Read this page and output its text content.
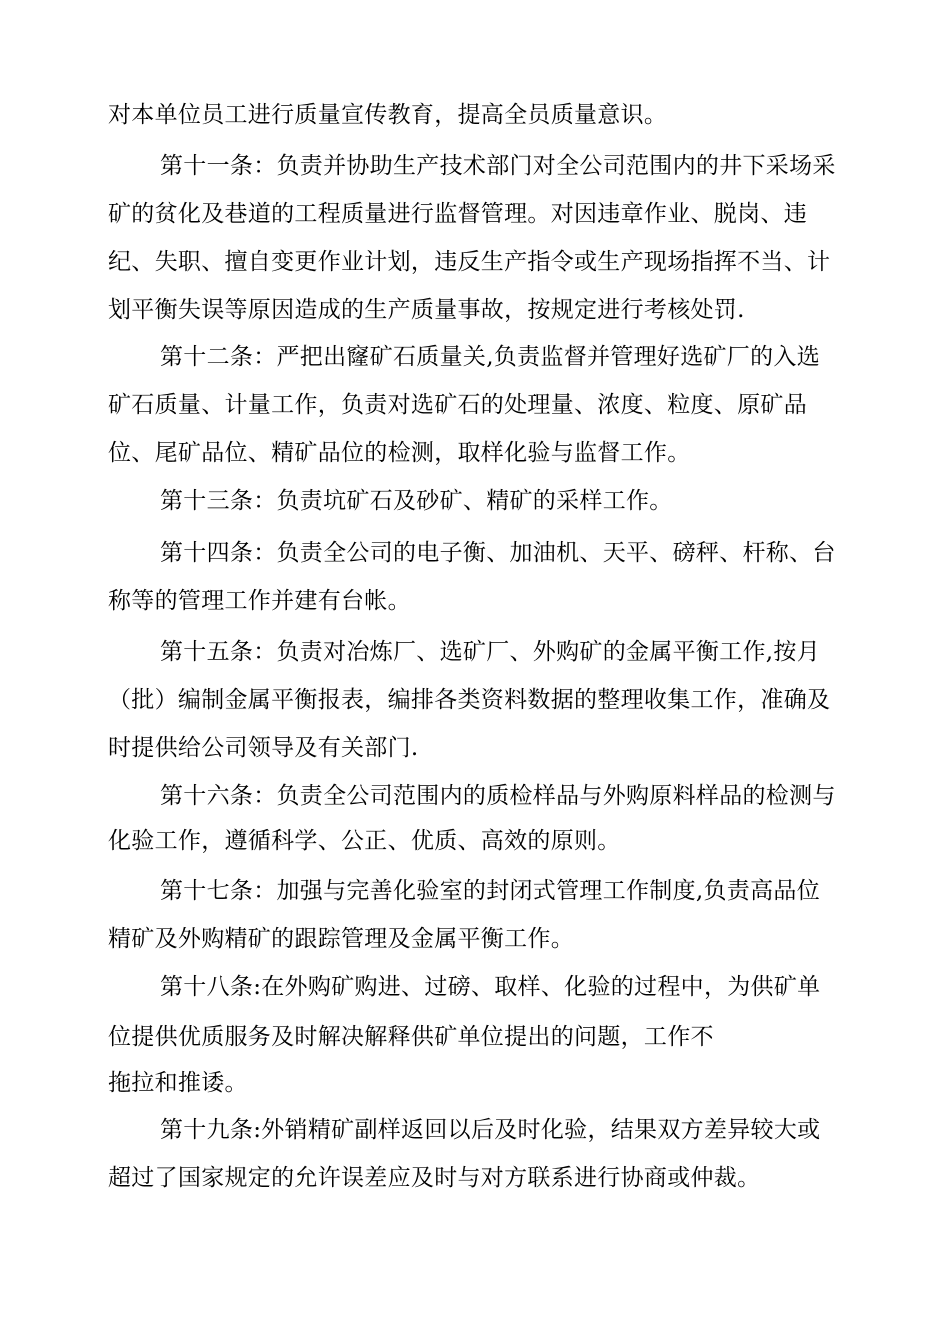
对本单位员工进行质量宣传教育，提高全员质量意识。
第十一条：负责并协助生产技术部门对全公司范围内的井下采场采
矿的贫化及巷道的工程质量进行监督管理。对因违章作业、脱岗、违
纪、失职、擅自变更作业计划，违反生产指令或生产现场指挥不当、计
划平衡失误等原因造成的生产质量事故，按规定进行考核处罚.
第十二条：严把出窿矿石质量关,负责监督并管理好选矿厂的入选
矿石质量、计量工作，负责对选矿石的处理量、浓度、粒度、原矿品
位、尾矿品位、精矿品位的检测，取样化验与监督工作。
第十三条：负责坑矿石及砂矿、精矿的采样工作。
第十四条：负责全公司的电子衡、加油机、天平、磅秤、杆称、台
称等的管理工作并建有台帐。
第十五条：负责对冶炼厂、选矿厂、外购矿的金属平衡工作,按月
（批）编制金属平衡报表，编排各类资料数据的整理收集工作，准确及
时提供给公司领导及有关部门.
第十六条：负责全公司范围内的质检样品与外购原料样品的检测与
化验工作，遵循科学、公正、优质、高效的原则。
第十七条：加强与完善化验室的封闭式管理工作制度,负责高品位
精矿及外购精矿的跟踪管理及金属平衡工作。
第十八条:在外购矿购进、过磅、取样、化验的过程中，为供矿单
位提供优质服务及时解决解释供矿单位提出的问题，工作不
拖拉和推诿。
第十九条:外销精矿副样返回以后及时化验，结果双方差异较大或
超过了国家规定的允许误差应及时与对方联系进行协商或仲裁。
